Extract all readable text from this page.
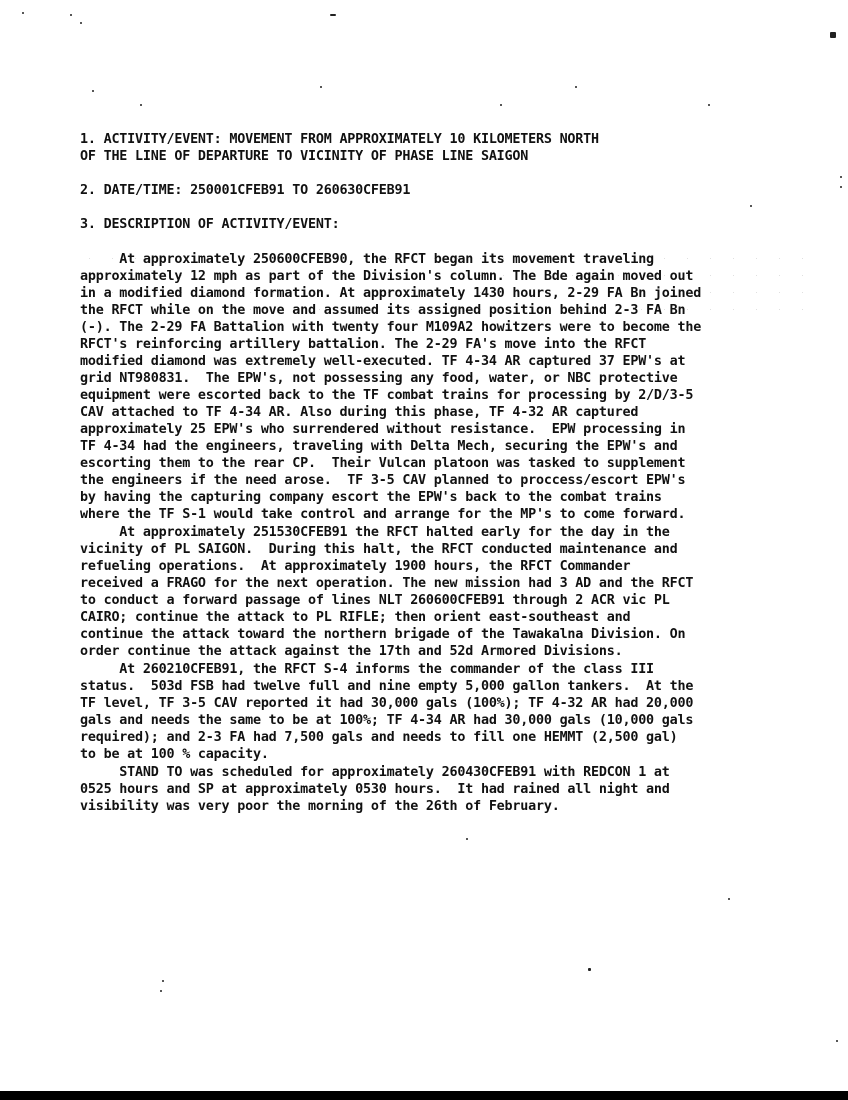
1. ACTIVITY/EVENT: MOVEMENT FROM APPROXIMATELY 10 KILOMETERS NORTH
OF THE LINE OF DEPARTURE TO VICINITY OF PHASE LINE SAIGON
2. DATE/TIME: 250001CFEB91 TO 260630CFEB91
3. DESCRIPTION OF ACTIVITY/EVENT:
At approximately 250600CFEB90, the RFCT began its movement traveling
approximately 12 mph as part of the Division's column. The Bde again moved out
in a modified diamond formation. At approximately 1430 hours, 2-29 FA Bn joined
the RFCT while on the move and assumed its assigned position behind 2-3 FA Bn
(-). The 2-29 FA Battalion with twenty four M109A2 howitzers were to become the
RFCT's reinforcing artillery battalion. The 2-29 FA's move into the RFCT
modified diamond was extremely well-executed. TF 4-34 AR captured 37 EPW's at
grid NT980831.  The EPW's, not possessing any food, water, or NBC protective
equipment were escorted back to the TF combat trains for processing by 2/D/3-5
CAV attached to TF 4-34 AR. Also during this phase, TF 4-32 AR captured
approximately 25 EPW's who surrendered without resistance.  EPW processing in
TF 4-34 had the engineers, traveling with Delta Mech, securing the EPW's and
escorting them to the rear CP.  Their Vulcan platoon was tasked to supplement
the engineers if the need arose.  TF 3-5 CAV planned to proccess/escort EPW's
by having the capturing company escort the EPW's back to the combat trains
where the TF S-1 would take control and arrange for the MP's to come forward.
At approximately 251530CFEB91 the RFCT halted early for the day in the
vicinity of PL SAIGON.  During this halt, the RFCT conducted maintenance and
refueling operations.  At approximately 1900 hours, the RFCT Commander
received a FRAGO for the next operation. The new mission had 3 AD and the RFCT
to conduct a forward passage of lines NLT 260600CFEB91 through 2 ACR vic PL
CAIRO; continue the attack to PL RIFLE; then orient east-southeast and
continue the attack toward the northern brigade of the Tawakalna Division. On
order continue the attack against the 17th and 52d Armored Divisions.
At 260210CFEB91, the RFCT S-4 informs the commander of the class III
status.  503d FSB had twelve full and nine empty 5,000 gallon tankers.  At the
TF level, TF 3-5 CAV reported it had 30,000 gals (100%); TF 4-32 AR had 20,000
gals and needs the same to be at 100%; TF 4-34 AR had 30,000 gals (10,000 gals
required); and 2-3 FA had 7,500 gals and needs to fill one HEMMT (2,500 gal)
to be at 100 % capacity.
STAND TO was scheduled for approximately 260430CFEB91 with REDCON 1 at
0525 hours and SP at approximately 0530 hours.  It had rained all night and
visibility was very poor the morning of the 26th of February.
